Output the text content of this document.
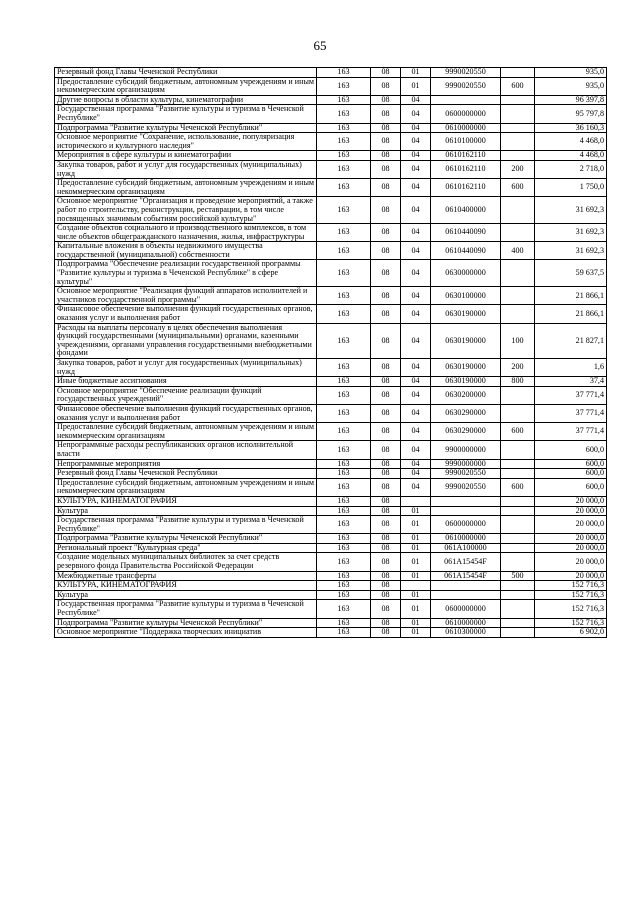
65
Резервный фонд Главы Чеченской Республики	163	08	01	9990020550		935,0
Предоставление субсидий бюджетным, автономным учреждениям и иным некоммерческим организациям	163	08	01	9990020550	600	935,0
Другие вопросы в области культуры, кинематографии	163	08	04			96 397,8
Государственная программа "Развитие культуры и туризма в Чеченской Республике"	163	08	04	0600000000		95 797,8
Подпрограмма "Развитие культуры Чеченской Республики"	163	08	04	0610000000		36 160,3
Основное мероприятие "Сохранение, использование, популяризация исторического и культурного наследия"	163	08	04	0610100000		4 468,0
Мероприятия в сфере культуры и кинематографии	163	08	04	0610162110		4 468,0
Закупка товаров, работ и услуг для государственных (муниципальных) нужд	163	08	04	0610162110	200	2 718,0
Предоставление субсидий бюджетным, автономным учреждениям и иным некоммерческим организациям	163	08	04	0610162110	600	1 750,0
Основное мероприятие "Организация и проведение мероприятий, а также работ по строительству, реконструкции, реставрации, в том числе посвященных значимым событиям российской культуры"	163	08	04	0610400000		31 692,3
Создание объектов социального и производственного комплексов, в том числе объектов общегражданского назначения, жилья, инфраструктуры	163	08	04	0610440090		31 692,3
Капитальные вложения в объекты недвижимого имущества государственной (муниципальной) собственности	163	08	04	0610440090	400	31 692,3
Подпрограмма "Обеспечение реализации государственной программы "Развитие культуры и туризма в Чеченской Республике" в сфере культуры"	163	08	04	0630000000		59 637,5
Основное мероприятие "Реализация функций аппаратов исполнителей и участников государственной программы"	163	08	04	0630100000		21 866,1
Финансовое обеспечение выполнения функций государственных органов, оказания услуг и выполнения работ	163	08	04	0630190000		21 866,1
Расходы на выплаты персоналу в целях обеспечения выполнения функций государственными (муниципальными) органами, казенными учреждениями, органами управления государственными внебюджетными фондами	163	08	04	0630190000	100	21 827,1
Закупка товаров, работ и услуг для государственных (муниципальных) нужд	163	08	04	0630190000	200	1,6
Иные бюджетные ассигнования	163	08	04	0630190000	800	37,4
Основное мероприятие "Обеспечение реализации функций государственных учреждений"	163	08	04	0630200000		37 771,4
Финансовое обеспечение выполнения функций государственных органов, оказания услуг и выполнения работ	163	08	04	0630290000		37 771,4
Предоставление субсидий бюджетным, автономным учреждениям и иным некоммерческим организациям	163	08	04	0630290000	600	37 771,4
Непрограммные расходы республиканских органов исполнительной власти	163	08	04	9900000000		600,0
Непрограммные мероприятия	163	08	04	9990000000		600,0
Резервный фонд Главы Чеченской Республики	163	08	04	9990020550		600,0
Предоставление субсидий бюджетным, автономным учреждениям и иным некоммерческим организациям	163	08	04	9990020550	600	600,0
КУЛЬТУРА, КИНЕМАТОГРАФИЯ	163	08				20 000,0
Культура	163	08	01			20 000,0
Государственная программа "Развитие культуры и туризма в Чеченской Республике"	163	08	01	0600000000		20 000,0
Подпрограмма "Развитие культуры Чеченской Республики"	163	08	01	0610000000		20 000,0
Региональный проект "Культурная среда"	163	08	01	061A100000		20 000,0
Создание модельных муниципальных библиотек за счет средств резервного фонда Правительства Российской Федерации	163	08	01	061A15454F		20 000,0
Межбюджетные трансферты	163	08	01	061A15454F	500	20 000,0
КУЛЬТУРА, КИНЕМАТОГРАФИЯ	163	08				152 716,3
Культура	163	08	01			152 716,3
Государственная программа "Развитие культуры и туризма в Чеченской Республике"	163	08	01	0600000000		152 716,3
Подпрограмма "Развитие культуры Чеченской Республики"	163	08	01	0610000000		152 716,3
Основное мероприятие "Поддержка творческих инициатив	163	08	01	0610300000		6 902,0
